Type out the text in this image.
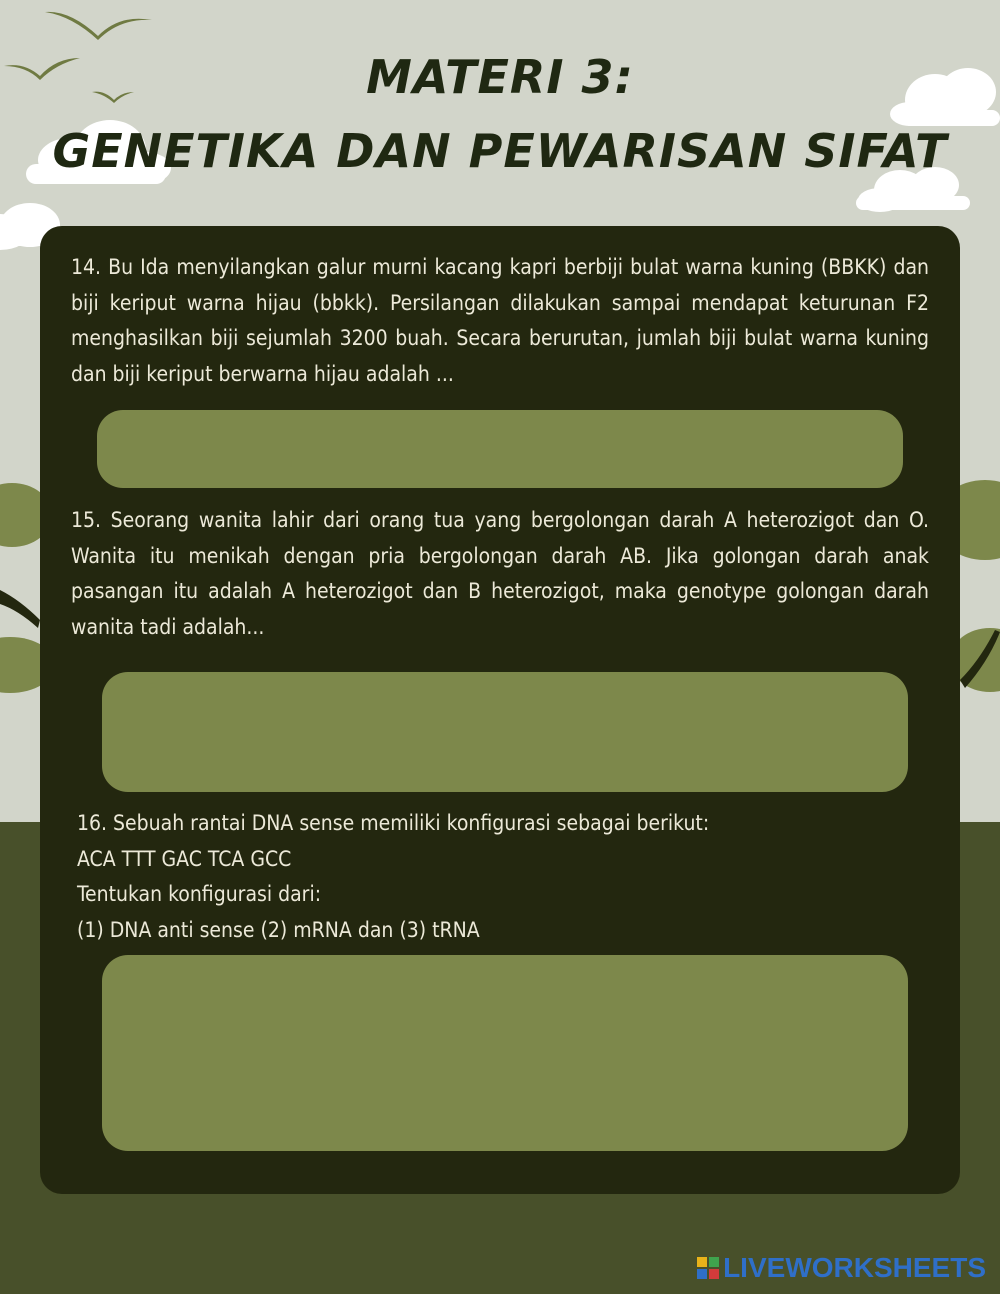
MATERI 3:
GENETIKA DAN PEWARISAN SIFAT

14. Bu Ida menyilangkan galur murni kacang kapri berbiji bulat warna kuning (BBKK) dan biji keriput warna hijau (bbkk). Persilangan dilakukan sampai mendapat keturunan F2 menghasilkan biji sejumlah 3200 buah. Secara berurutan, jumlah biji bulat warna kuning dan biji keriput berwarna hijau adalah ...

15. Seorang wanita lahir dari orang tua yang bergolongan darah A heterozigot dan O. Wanita itu menikah dengan pria bergolongan darah AB. Jika golongan darah anak pasangan itu adalah A heterozigot dan B heterozigot, maka genotype golongan darah wanita tadi adalah...

16. Sebuah rantai DNA sense memiliki konfigurasi sebagai berikut:
ACA TTT GAC TCA GCC
Tentukan konfigurasi dari:
(1) DNA anti sense (2) mRNA dan (3) tRNA
LIVEWORKSHEETS
